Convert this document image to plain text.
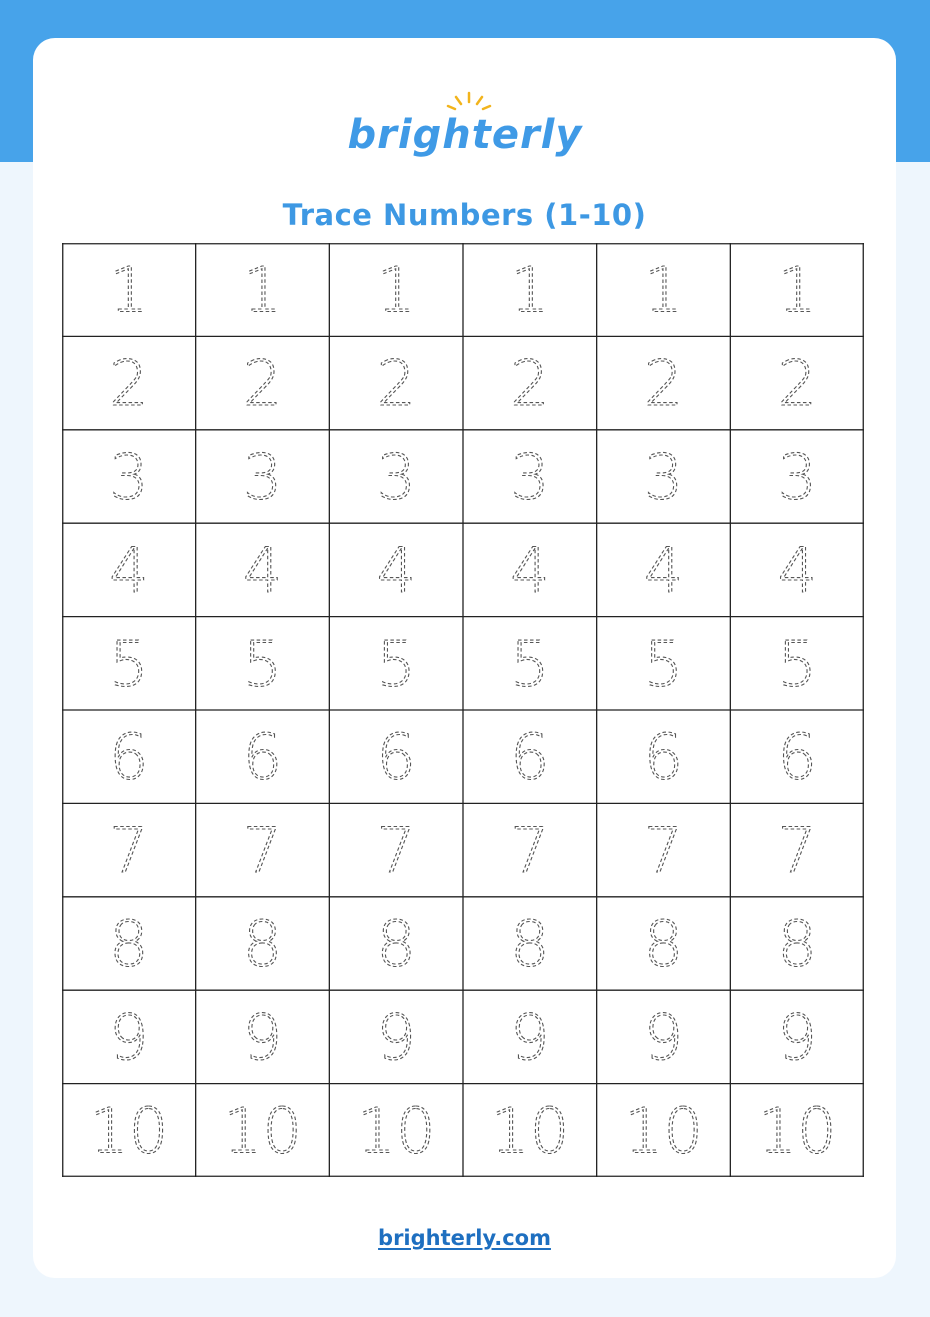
brighterly
Trace Numbers (1-10)
1 1 1 1 1 1
2 2 2 2 2 2
3 3 3 3 3 3
4 4 4 4 4 4
5 5 5 5 5 5
6 6 6 6 6 6
7 7 7 7 7 7
8 8 8 8 8 8
9 9 9 9 9 9
10 10 10 10 10 10
brighterly.com
